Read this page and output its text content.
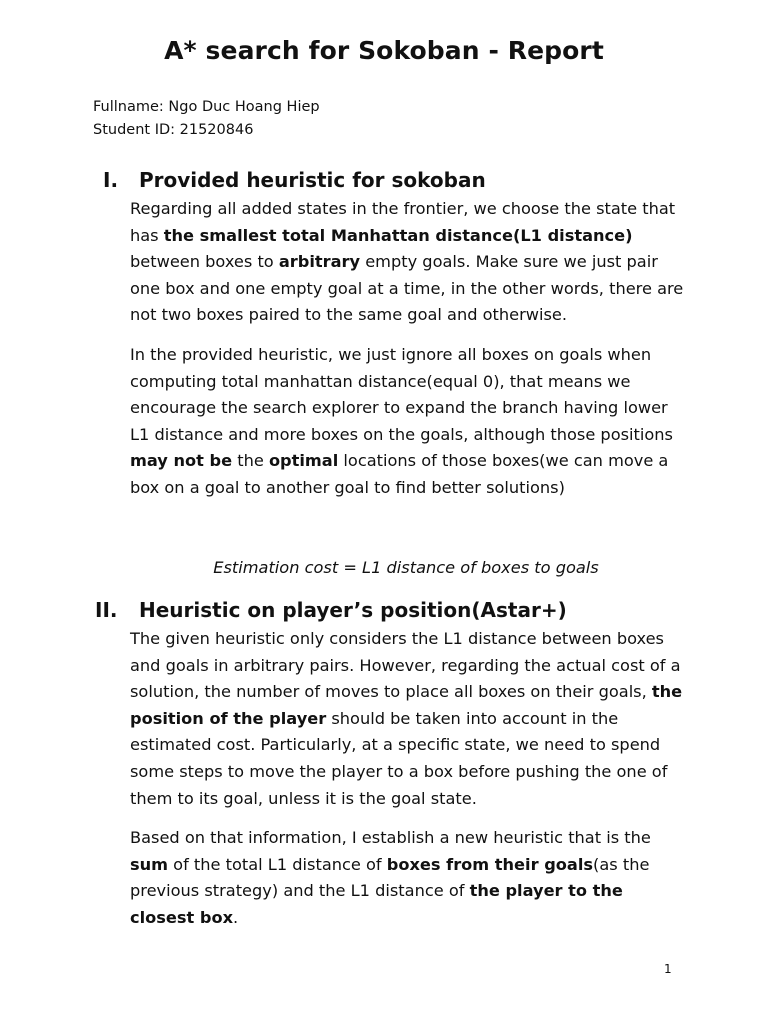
A* search for Sokoban - Report
Fullname: Ngo Duc Hoang Hiep
Student ID: 21520846
I. Provided heuristic for sokoban

Regarding all added states in the frontier, we choose the state that has the smallest total Manhattan distance(L1 distance) between boxes to arbitrary empty goals. Make sure we just pair one box and one empty goal at a time, in the other words, there are not two boxes paired to the same goal and otherwise.

In the provided heuristic, we just ignore all boxes on goals when computing total manhattan distance(equal 0), that means we encourage the search explorer to expand the branch having lower L1 distance and more boxes on the goals, although those positions may not be the optimal locations of those boxes(we can move a box on a goal to another goal to find better solutions)

Estimation cost = L1 distance of boxes to goals
II. Heuristic on player’s position(Astar+)

The given heuristic only considers the L1 distance between boxes and goals in arbitrary pairs. However, regarding the actual cost of a solution, the number of moves to place all boxes on their goals, the position of the player should be taken into account in the estimated cost. Particularly, at a specific state, we need to spend some steps to move the player to a box before pushing the one of them to its goal, unless it is the goal state.

Based on that information, I establish a new heuristic that is the sum of the total L1 distance of boxes from their goals(as the previous strategy) and the L1 distance of the player to the closest box.

1
